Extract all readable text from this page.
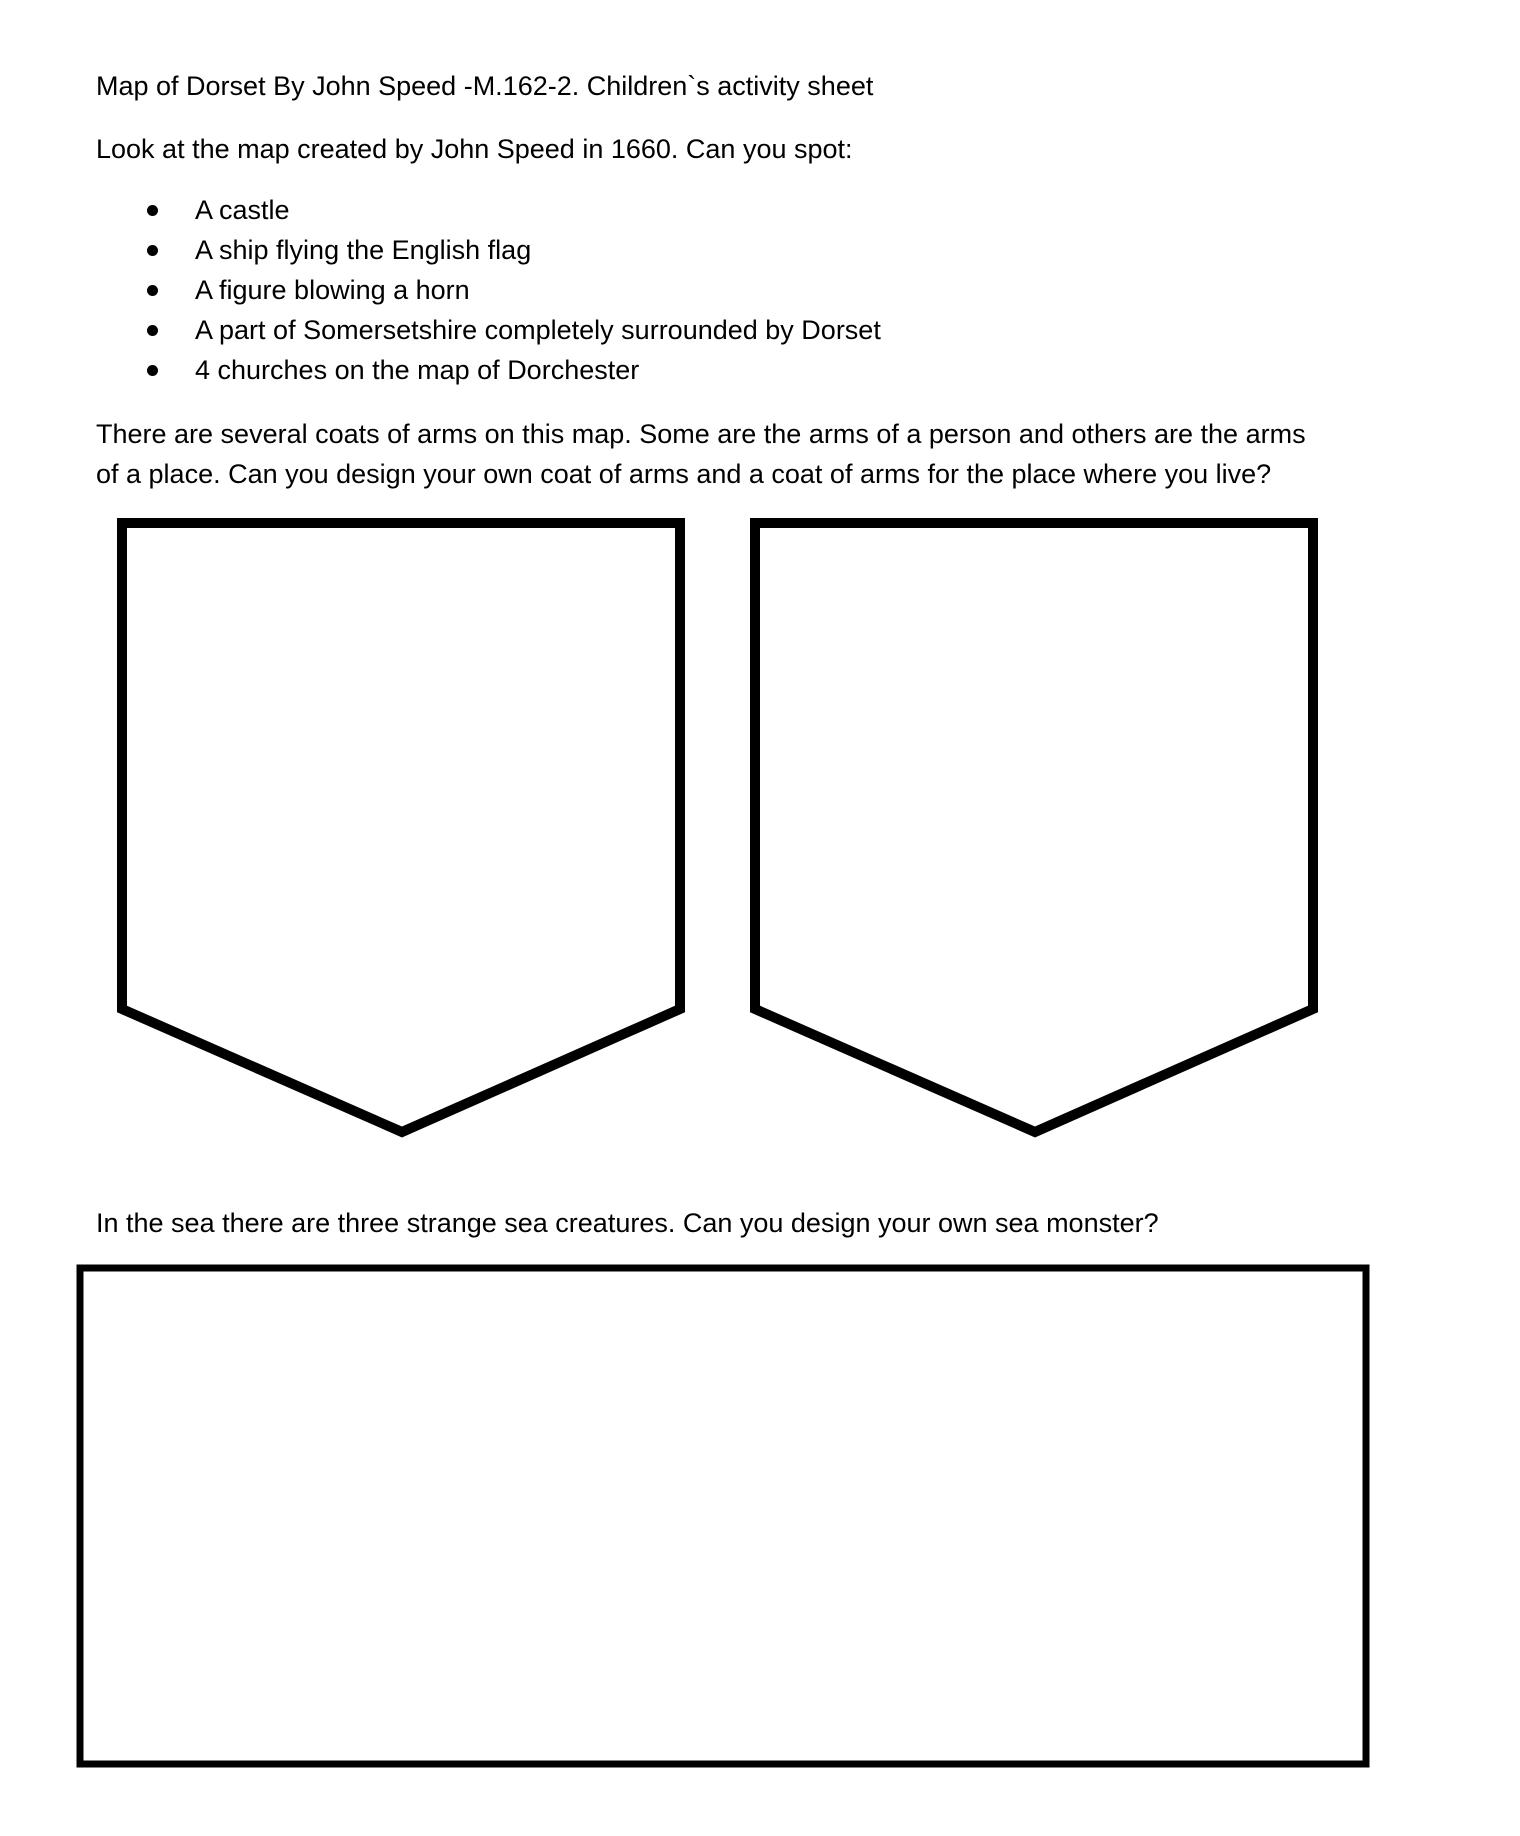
Map of Dorset By John Speed -M.162-2. Children`s activity sheet

Look at the map created by John Speed in 1660. Can you spot:

A castle
A ship flying the English flag
A figure blowing a horn
A part of Somersetshire completely surrounded by Dorset
4 churches on the map of Dorchester
There are several coats of arms on this map. Some are the arms of a person and others are the arms
of a place. Can you design your own coat of arms and a coat of arms for the place where you live?

In the sea there are three strange sea creatures. Can you design your own sea monster?
